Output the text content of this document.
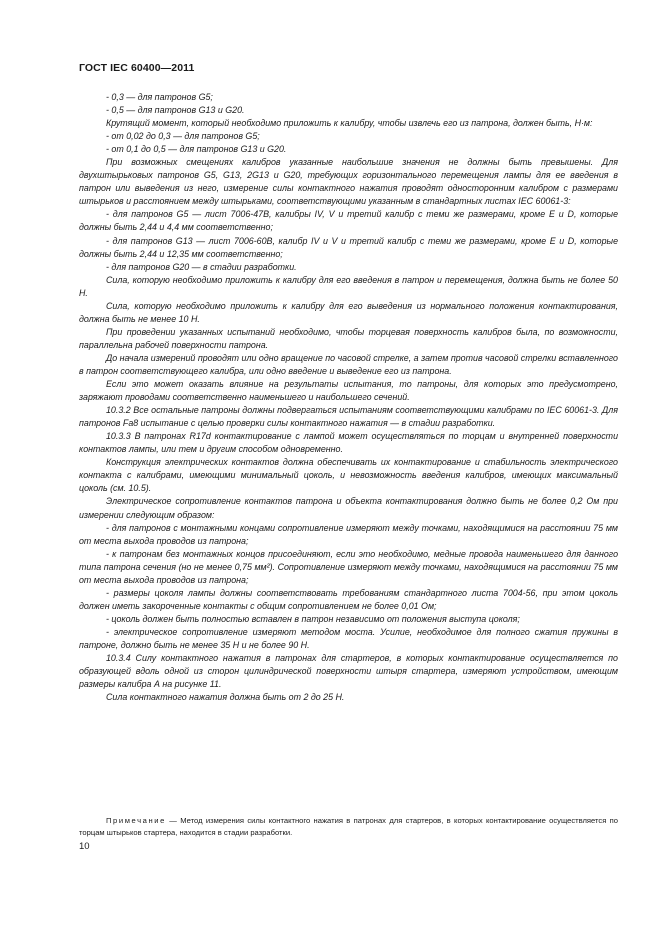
ГОСТ IEC 60400—2011

- 0,3 — для патронов G5;

- 0,5 — для патронов G13 и G20.

Крутящий момент, который необходимо приложить к калибру, чтобы извлечь его из патрона, должен быть, Н·м:

- от 0,02 до 0,3 — для патронов G5;

- от 0,1 до 0,5 — для патронов G13 и G20.

При возможных смещениях калибров указанные наибольшие значения не должны быть превышены. Для двухштырьковых патронов G5, G13, 2G13 и G20, требующих горизонтального перемещения лампы для ее введения в патрон или выведения из него, измерение силы контактного нажатия проводят односторонним калибром с размерами штырьков и расстоянием между штырьками, соответствующими указанным в стандартных листах IEC 60061-3:

- для патронов G5 — лист 7006-47В, калибры IV, V и третий калибр с теми же размерами, кроме Е и D, которые должны быть 2,44 и 4,4 мм соответственно;

- для патронов G13 — лист 7006-60В, калибр IV и V и третий калибр с теми же размерами, кроме Е и D, которые должны быть 2,44 и 12,35 мм соответственно;

- для патронов G20 — в стадии разработки.

Сила, которую необходимо приложить к калибру для его введения в патрон и перемещения, должна быть не более 50 Н.

Сила, которую необходимо приложить к калибру для его выведения из нормального положения контактирования, должна быть не менее 10 Н.

При проведении указанных испытаний необходимо, чтобы торцевая поверхность калибров была, по возможности, параллельна рабочей поверхности патрона.

До начала измерений проводят или одно вращение по часовой стрелке, а затем против часовой стрелки вставленного в патрон соответствующего калибра, или одно введение и выведение его из патрона.

Если это может оказать влияние на результаты испытания, то патроны, для которых это предусмотрено, заряжают проводами соответственно наименьшего и наибольшего сечений.

10.3.2 Все остальные патроны должны подвергаться испытаниям соответствующими калибрами по IEC 60061-3. Для патронов Fa8 испытание с целью проверки силы контактного нажатия — в стадии разработки.

10.3.3 В патронах R17d контактирование с лампой может осуществляться по торцам и внутренней поверхности контактов лампы, или тем и другим способом одновременно.

Конструкция электрических контактов должна обеспечивать их контактирование и стабильность электрического контакта с калибрами, имеющими минимальный цоколь, и невозможность введения калибров, имеющих максимальный цоколь (см. 10.5).

Электрическое сопротивление контактов патрона и объекта контактирования должно быть не более 0,2 Ом при измерении следующим образом:

- для патронов с монтажными концами сопротивление измеряют между точками, находящимися на расстоянии 75 мм от места выхода проводов из патрона;

- к патронам без монтажных концов присоединяют, если это необходимо, медные провода наименьшего для данного типа патрона сечения (но не менее 0,75 мм²). Сопротивление измеряют между точками, находящимися на расстоянии 75 мм от места выхода проводов из патрона;

- размеры цоколя лампы должны соответствовать требованиям стандартного листа 7004-56, при этом цоколь должен иметь закороченные контакты с общим сопротивлением не более 0,01 Ом;

- цоколь должен быть полностью вставлен в патрон независимо от положения выступа цоколя;

- электрическое сопротивление измеряют методом моста. Усилие, необходимое для полного сжатия пружины в патроне, должно быть не менее 35 Н и не более 90 Н.

10.3.4 Силу контактного нажатия в патронах для стартеров, в которых контактирование осуществляется по образующей вдоль одной из сторон цилиндрической поверхности штыря стартера, измеряют устройством, имеющим размеры калибра А на рисунке 11.

Сила контактного нажатия должна быть от 2 до 25 Н.

Примечание — Метод измерения силы контактного нажатия в патронах для стартеров, в которых контактирование осуществляется по торцам штырьков стартера, находится в стадии разработки.
10
